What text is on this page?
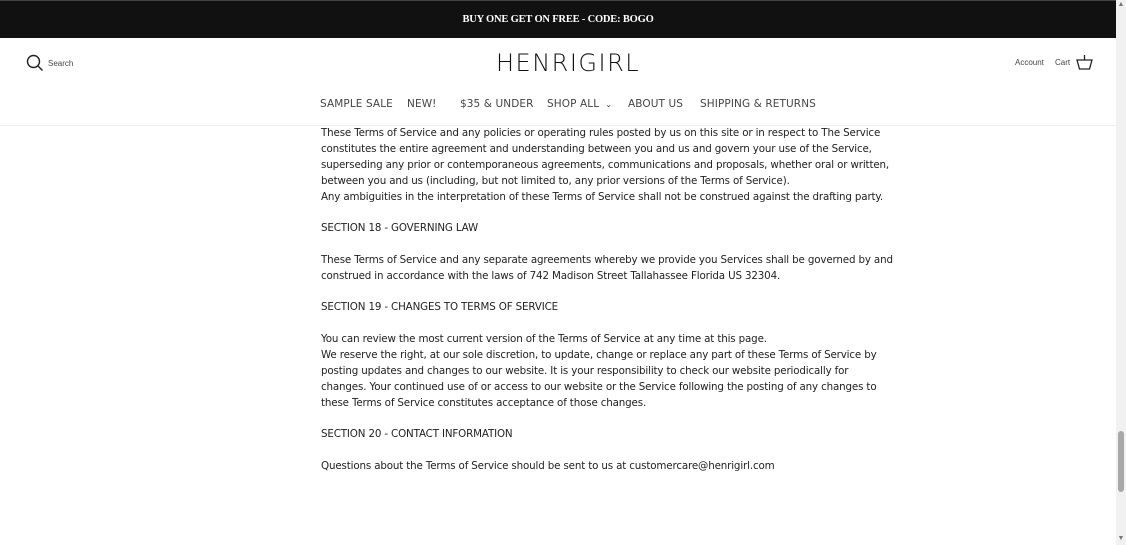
BUY ONE GET ON FREE - CODE: BOGO
Search	HENRIGIRL	Account Cart
SAMPLE SALE NEW! $35 & UNDER SHOP ALL ⌄ ABOUT US SHIPPING & RETURNS

These Terms of Service and any policies or operating rules posted by us on this site or in respect to The Service

constitutes the entire agreement and understanding between you and us and govern your use of the Service,

superseding any prior or contemporaneous agreements, communications and proposals, whether oral or written,

between you and us (including, but not limited to, any prior versions of the Terms of Service).

Any ambiguities in the interpretation of these Terms of Service shall not be construed against the drafting party.

SECTION 18 - GOVERNING LAW

These Terms of Service and any separate agreements whereby we provide you Services shall be governed by and

construed in accordance with the laws of 742 Madison Street Tallahassee Florida US 32304.

SECTION 19 - CHANGES TO TERMS OF SERVICE

You can review the most current version of the Terms of Service at any time at this page.

We reserve the right, at our sole discretion, to update, change or replace any part of these Terms of Service by

posting updates and changes to our website. It is your responsibility to check our website periodically for

changes. Your continued use of or access to our website or the Service following the posting of any changes to

these Terms of Service constitutes acceptance of those changes.

SECTION 20 - CONTACT INFORMATION

Questions about the Terms of Service should be sent to us at customercare@henrigirl.com

▲
▼
